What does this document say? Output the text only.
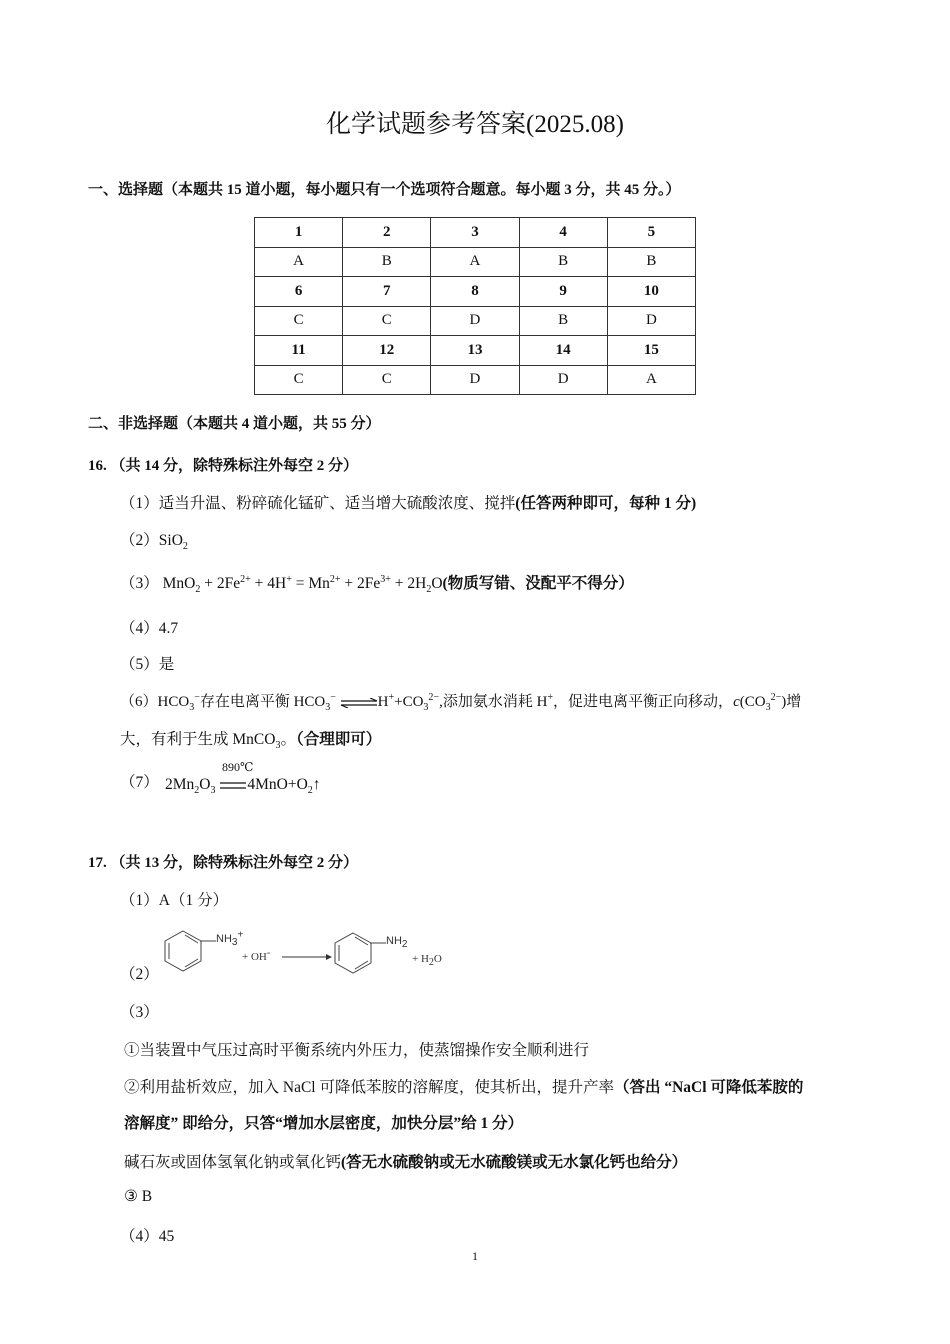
化学试题参考答案(2025.08)
一、选择题（本题共 15 道小题，每小题只有一个选项符合题意。每小题 3 分，共 45 分。）
1	2	3	4	5
A	B	A	B	B
6	7	8	9	10
C	C	D	B	D
11	12	13	14	15
C	C	D	D	A
二、非选择题（本题共 4 道小题，共 55 分）
16. （共 14 分，除特殊标注外每空 2 分）
（1）适当升温、粉碎硫化锰矿、适当增大硫酸浓度、搅拌(任答两种即可，每种 1 分)
（2）SiO$_2$
（3） $MnO_2 + 2Fe^{2+} + 4H^+ = Mn^{2+} + 2Fe^{3+} + 2H_2O$(物质写错、没配平不得分）
（4）4.7
（5）是
$(6)HCO_3^-$存在电离平衡 $HCO_3^-$ $\rightleftharpoons H^++CO_3^{2-}$,添加氨水消耗 H+，促进电离平衡正向移动，$c(CO_3^{2-})$增
大，有利于生成 MnCO$_3$。（合理即可）
（7）
890℃
$2Mn_2O_3$ $4MnO+O_2↑$
17. （共 13 分，除特殊标注外每空 2 分）
（1）A（1 分）
（2）
$NH_3^+$
+ OH- →
$NH_2$
+ $H_2O$
（3）
①当装置中气压过高时平衡系统内外压力，使蒸馏操作安全顺利进行
②利用盐析效应，加入 NaCl 可降低苯胺的溶解度，使其析出，提升产率（答出 “NaCl 可降低苯胺的
溶解度” 即给分，只答“增加水层密度，加快分层”给 1 分）
碱石灰或固体氢氧化钠或氧化钙(答无水硫酸钠或无水硫酸镁或无水氯化钙也给分）
③ B
（4）45
1
